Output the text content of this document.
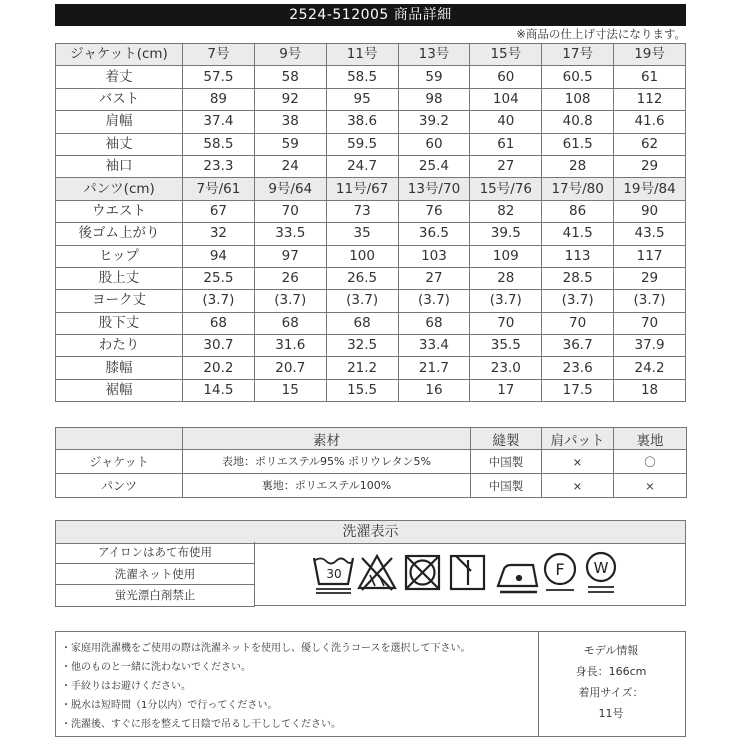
2524-512005 商品詳細
※商品の仕上げ寸法になります。
ジャケット(cm)	7号	9号	11号	13号	15号	17号	19号
着丈	57.5	58	58.5	59	60	60.5	61
バスト	89	92	95	98	104	108	112
肩幅	37.4	38	38.6	39.2	40	40.8	41.6
袖丈	58.5	59	59.5	60	61	61.5	62
袖口	23.3	24	24.7	25.4	27	28	29
パンツ(cm)	7号/61	9号/64	11号/67	13号/70	15号/76	17号/80	19号/84
ウエスト	67	70	73	76	82	86	90
後ゴム上がり	32	33.5	35	36.5	39.5	41.5	43.5
ヒップ	94	97	100	103	109	113	117
股上丈	25.5	26	26.5	27	28	28.5	29
ヨーク丈	(3.7)	(3.7)	(3.7)	(3.7)	(3.7)	(3.7)	(3.7)
股下丈	68	68	68	68	70	70	70
わたり	30.7	31.6	32.5	33.4	35.5	36.7	37.9
膝幅	20.2	20.7	21.2	21.7	23.0	23.6	24.2
裾幅	14.5	15	15.5	16	17	17.5	18
	素材	縫製	肩パット	裏地
ジャケット	表地：ポリエステル95% ポリウレタン5%	中国製	×	〇
パンツ	裏地：ポリエステル100%	中国製	×	×
洗濯表示
アイロンはあて布使用
洗濯ネット使用
蛍光漂白剤禁止
30	F W
・家庭用洗濯機をご使用の際は洗濯ネットを使用し、優しく洗うコースを選択して下さい。
・他のものと一緒に洗わないでください。
・手絞りはお避けください。
・脱水は短時間（1分以内）で行ってください。
・洗濯後、すぐに形を整えて日陰で吊るし干ししてください。
モデル情報
身長：166cm
着用サイズ：
11号
